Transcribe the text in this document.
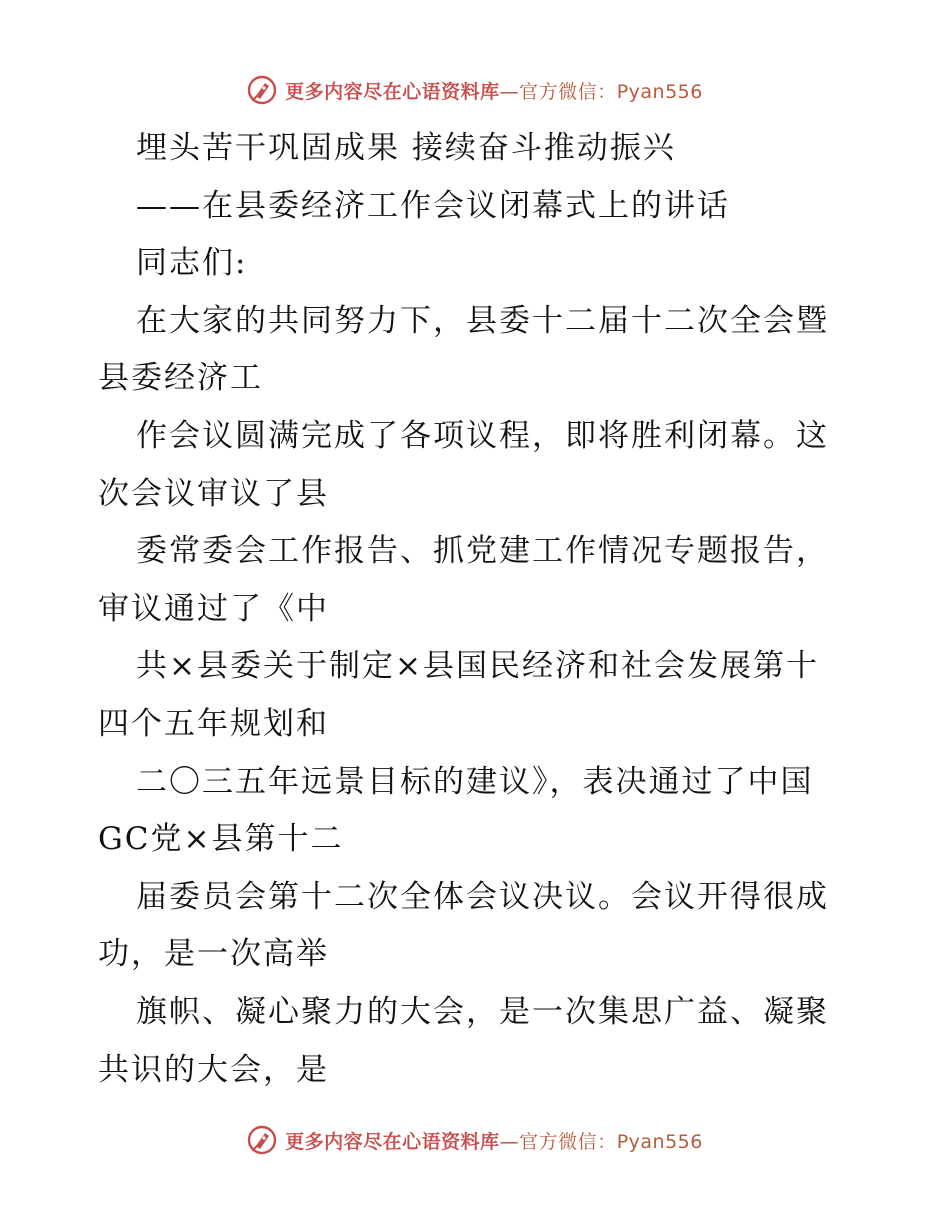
更多内容尽在心语资料库—官方微信：Pyan556
埋头苦干巩固成果 接续奋斗推动振兴
——在县委经济工作会议闭幕式上的讲话
同志们:
在大家的共同努力下，县委十二届十二次全会暨
县委经济工
作会议圆满完成了各项议程，即将胜利闭幕。这
次会议审议了县
委常委会工作报告、抓党建工作情况专题报告，
审议通过了《中
共×县委关于制定×县国民经济和社会发展第十
四个五年规划和
二〇三五年远景目标的建议》，表决通过了中国
GC党×县第十二
届委员会第十二次全体会议决议。会议开得很成
功，是一次高举
旗帜、凝心聚力的大会，是一次集思广益、凝聚
共识的大会，是
更多内容尽在心语资料库—官方微信：Pyan556
